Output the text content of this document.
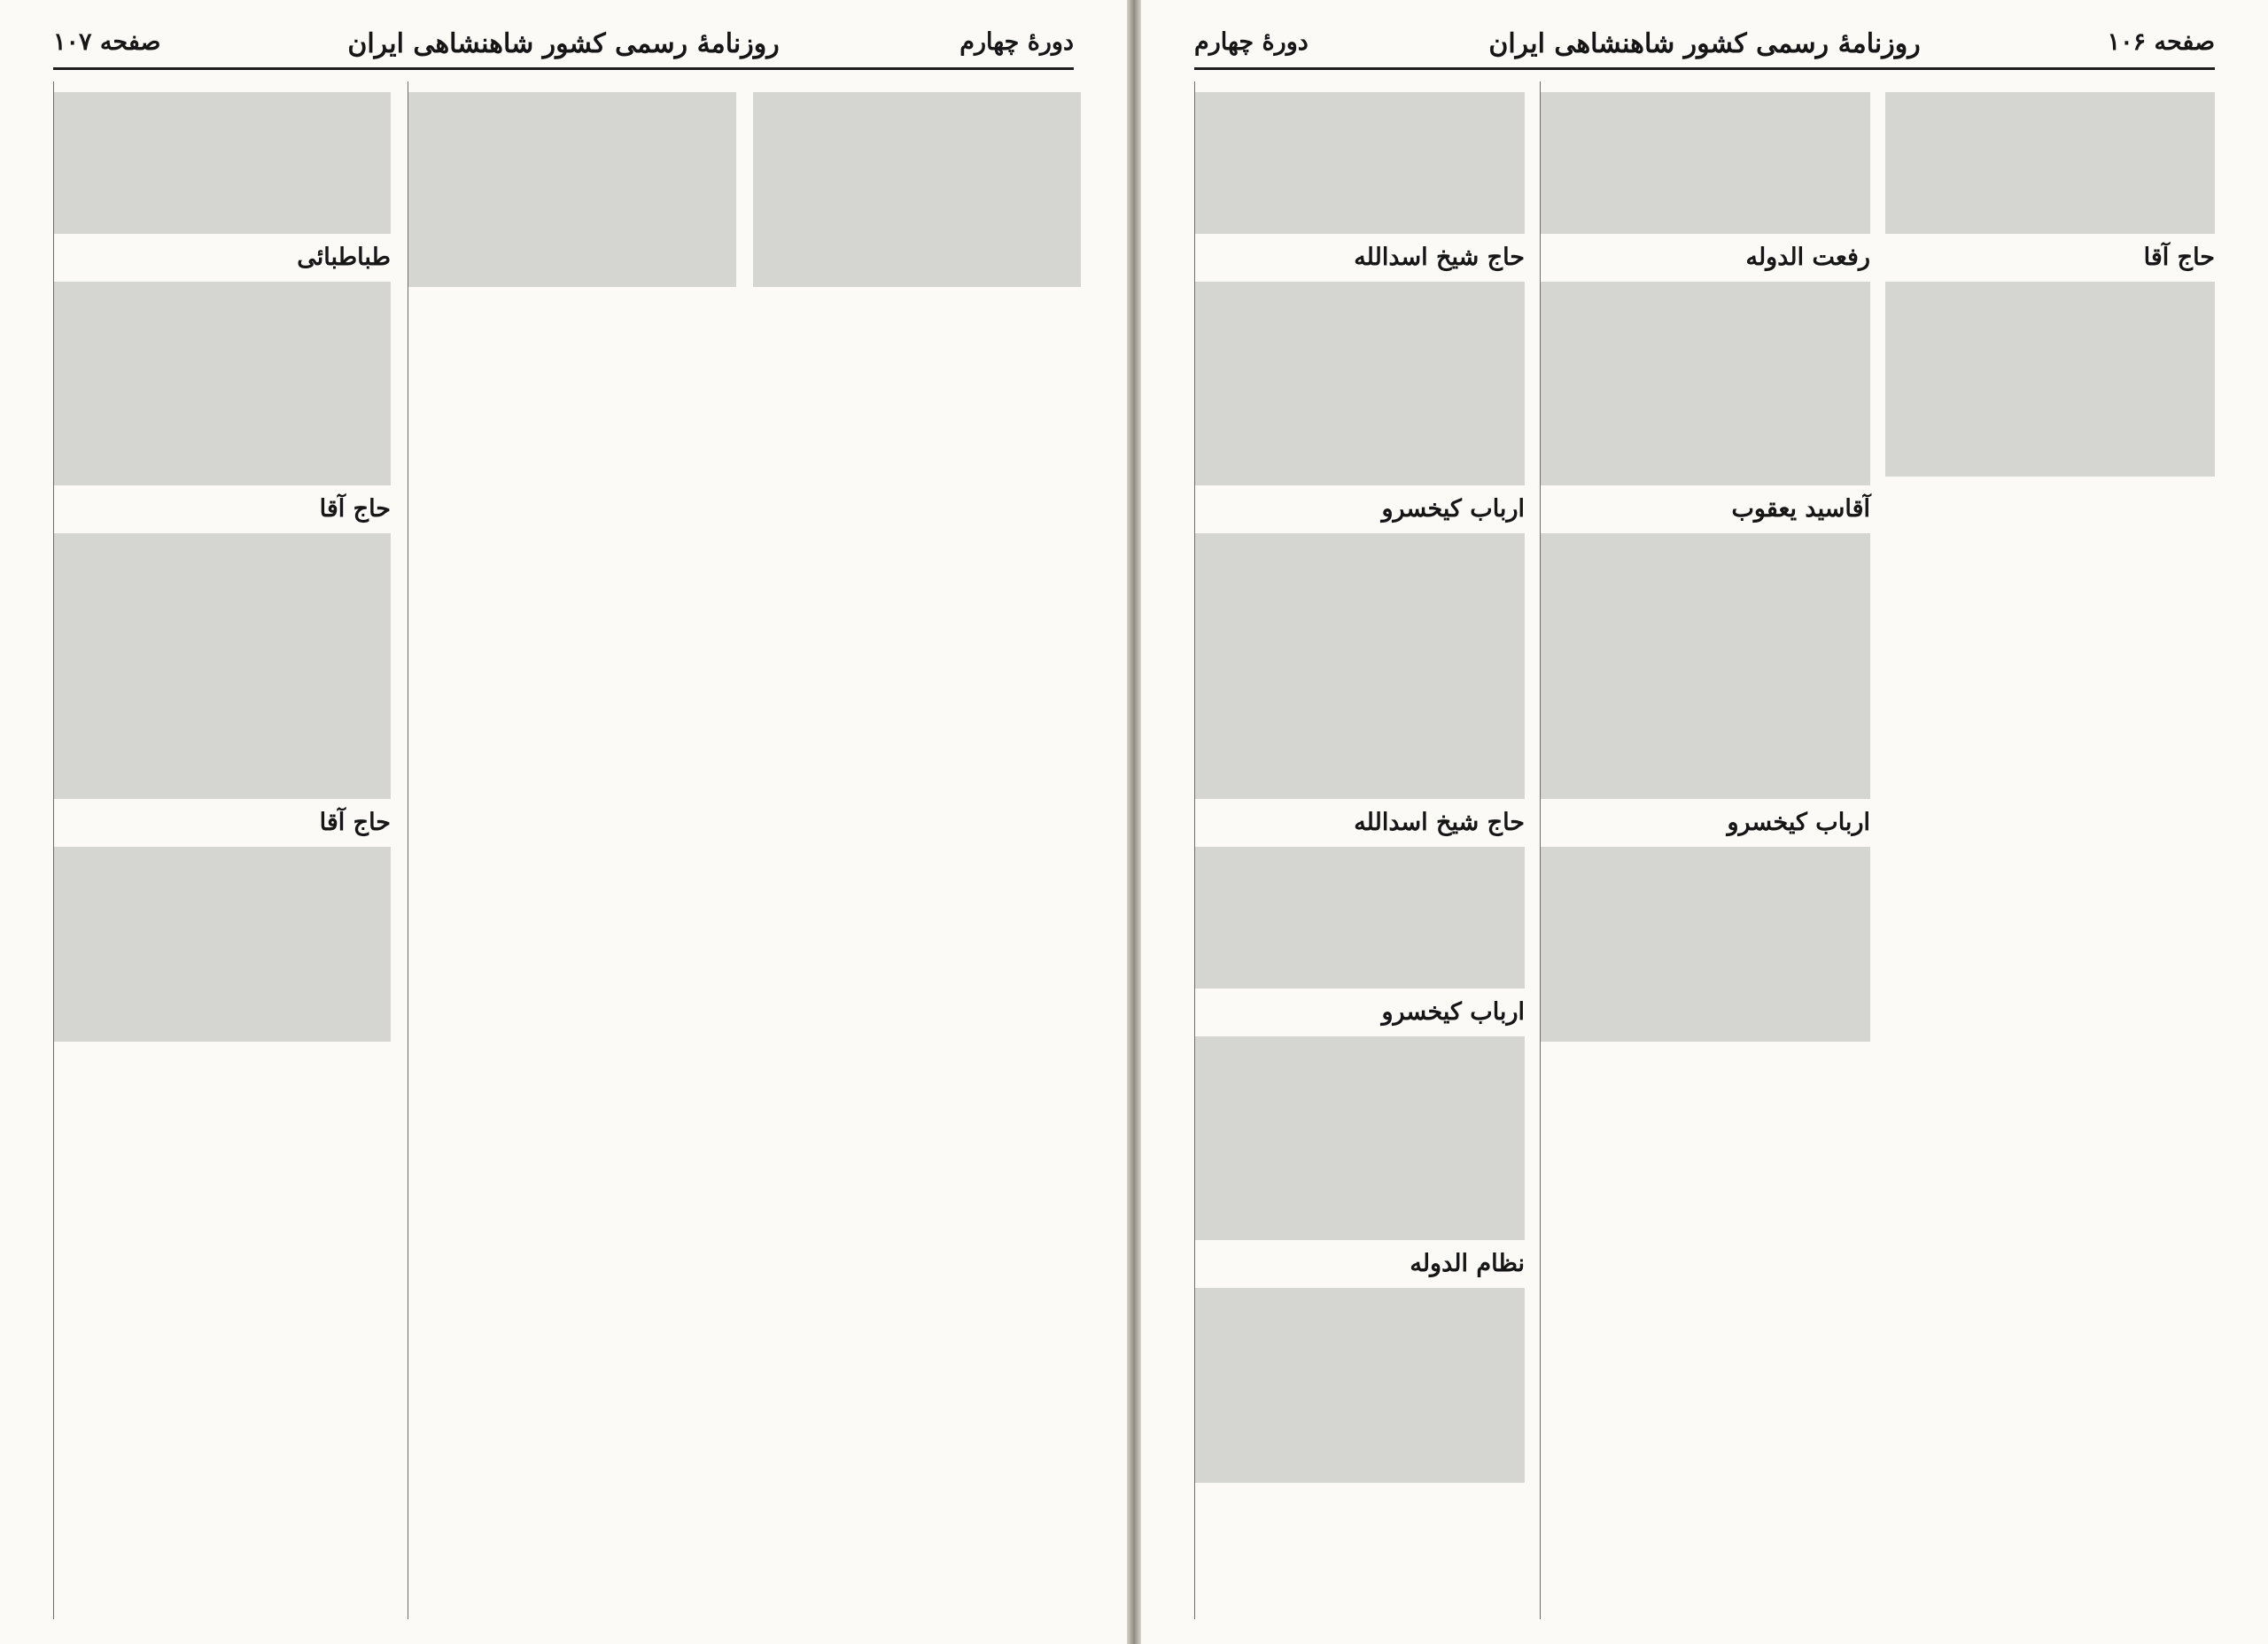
دورهٔ چهارم
روزنامهٔ رسمی کشور شاهنشاهی ایران
صفحه ۱۰۷
طباطبائی
حاج آقا
حاج آقا
صفحه ۱۰۶
روزنامهٔ رسمی کشور شاهنشاهی ایران
دورهٔ چهارم
حاج آقا
رفعت الدوله
آقاسید یعقوب
ارباب کیخسرو
حاج شیخ اسدالله
ارباب کیخسرو
حاج شیخ اسدالله
ارباب کیخسرو
نظام الدوله
